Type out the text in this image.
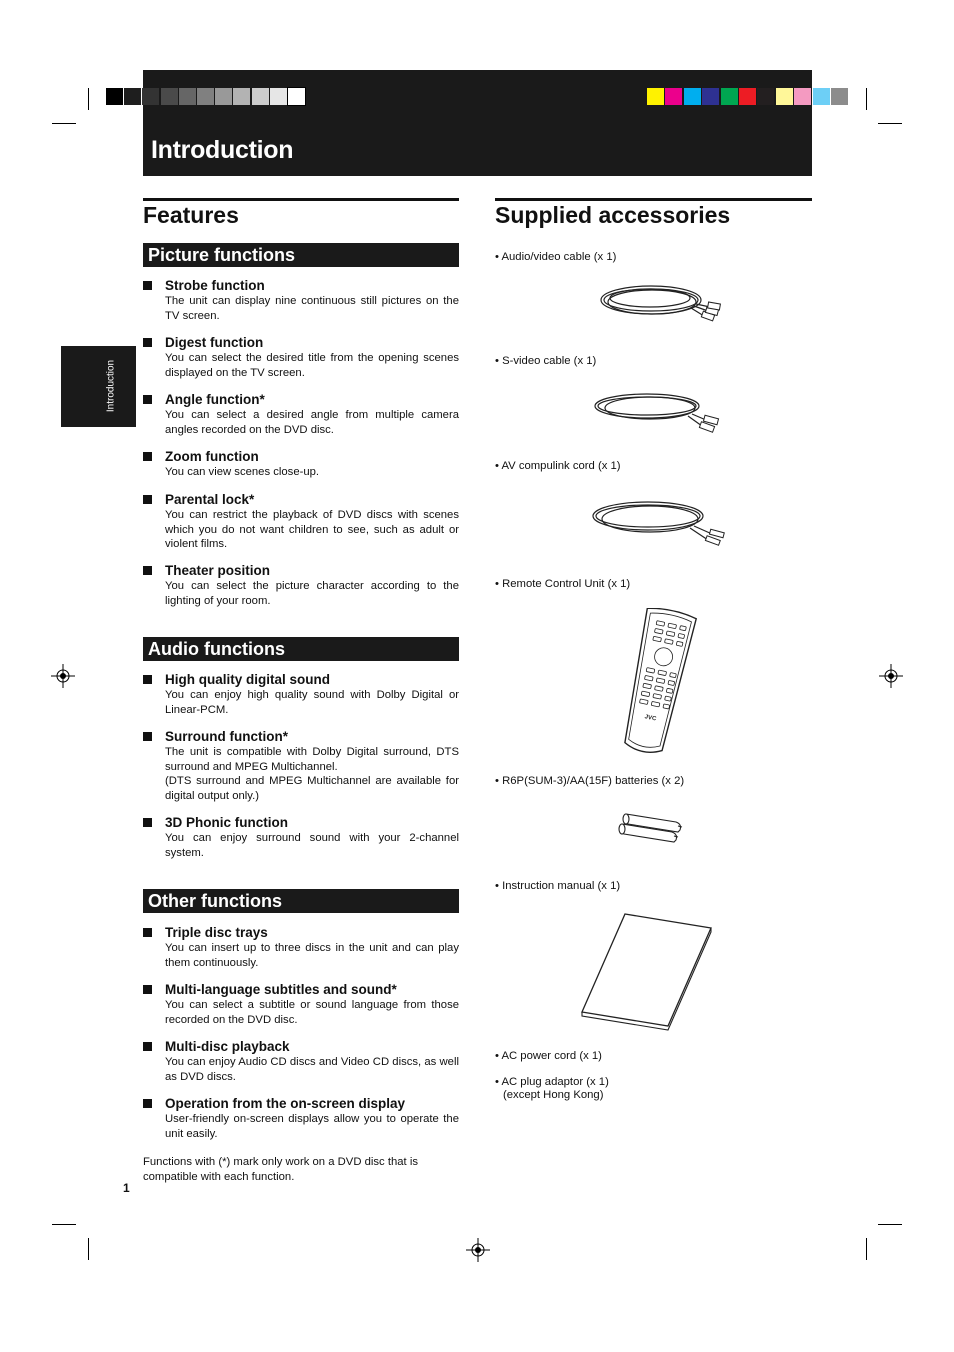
Introduction
Introduction
Features
Picture functions
Strobe function
The unit can display nine continuous still pictures on the TV screen.
Digest function
You can select the desired title from the opening scenes displayed on the TV screen.
Angle function*
You can select a desired angle from multiple camera angles recorded on the DVD disc.
Zoom function
You can view scenes close-up.
Parental lock*
You can restrict the playback of DVD discs with scenes which you do not want children to see, such as adult or violent films.
Theater position
You can select the picture character according to the lighting of your room.
Audio functions
High quality digital sound
You can enjoy high quality sound with Dolby Digital or Linear-PCM.
Surround function*
The unit is compatible with Dolby Digital surround, DTS surround and MPEG Multichannel.
(DTS surround and MPEG Multichannel are available for digital output only.)
3D Phonic function
You can enjoy surround sound with your 2-channel system.
Other functions
Triple disc trays
You can insert up to three discs in the unit and can play them continuously.
Multi-language subtitles and sound*
You can select a subtitle or sound language from those recorded on the DVD disc.
Multi-disc playback
You can enjoy Audio CD discs and Video CD discs, as well as DVD discs.
Operation from the on-screen display
User-friendly on-screen displays allow you to operate the unit easily.
Functions with (*) mark only work on a DVD disc that is compatible with each function.
1
Supplied accessories
• Audio/video cable (x 1)
• S-video cable (x 1)
• AV compulink cord (x 1)
• Remote Control Unit (x 1)
JVC
• R6P(SUM-3)/AA(15F) batteries (x 2)
• Instruction manual (x 1)
• AC power cord (x 1)
• AC plug adaptor (x 1)
(except Hong Kong)
